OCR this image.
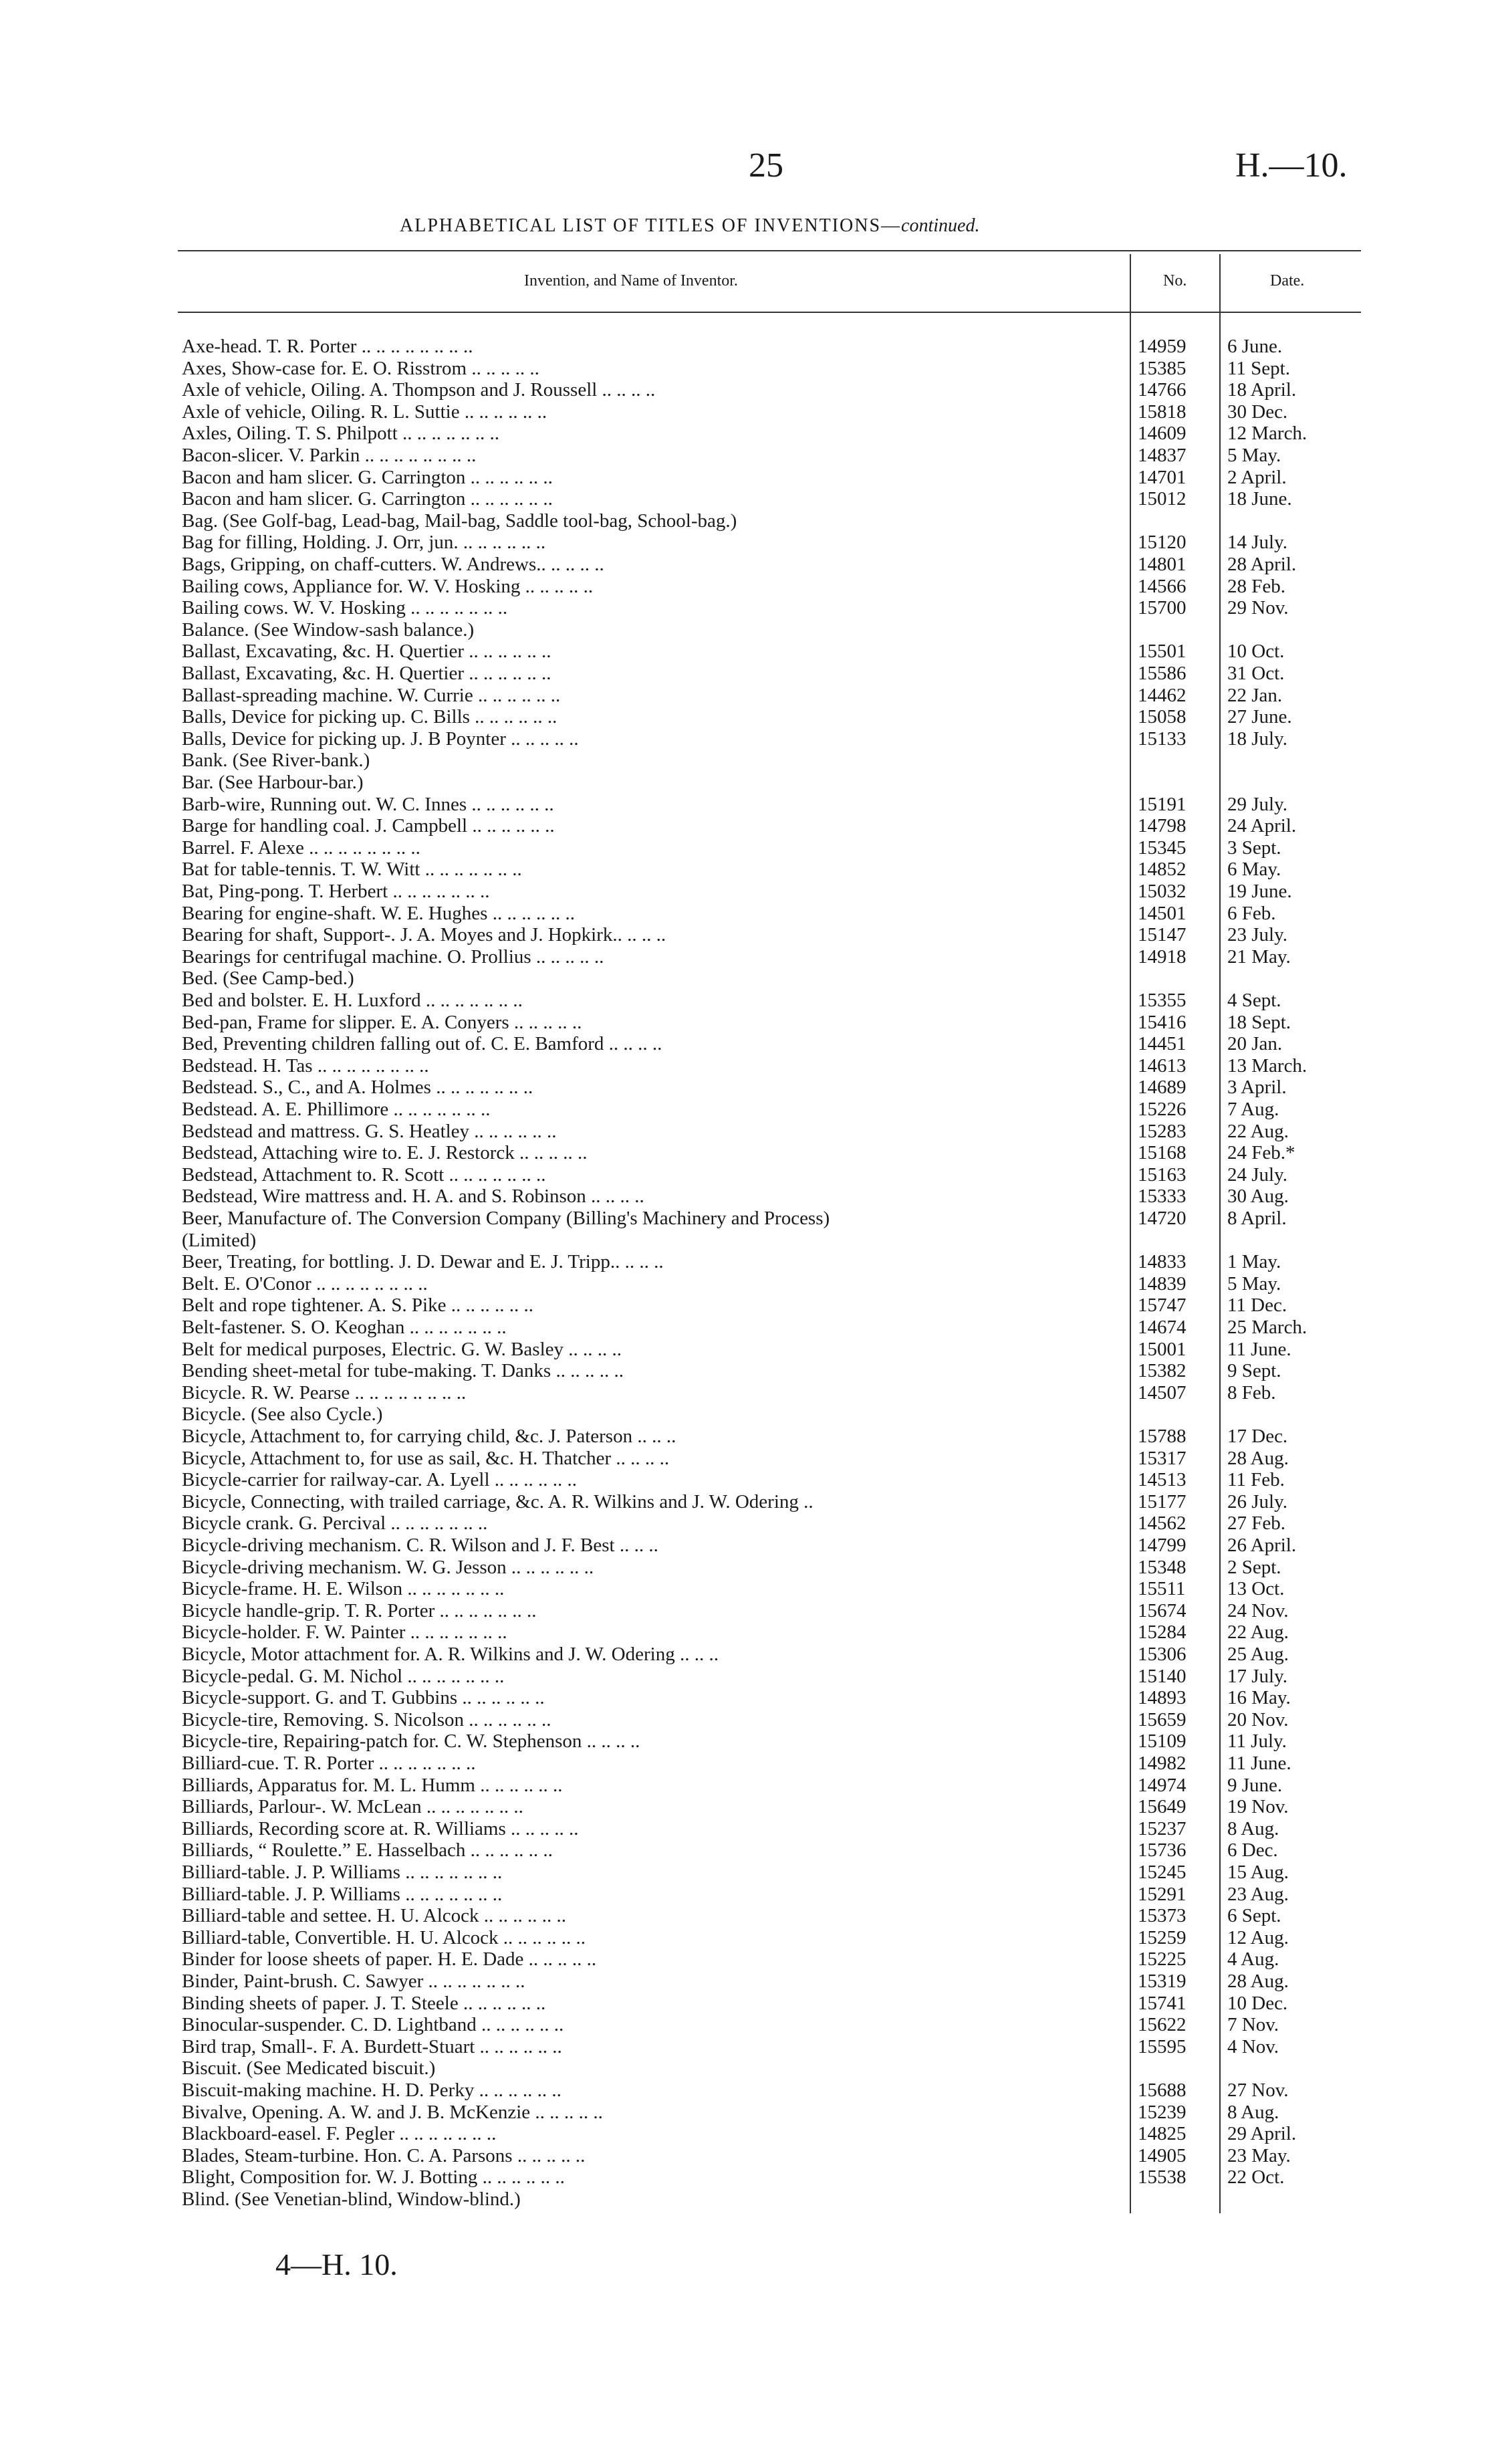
25	H.—10.
ALPHABETICAL LIST OF TITLES OF INVENTIONS—continued.
Invention, and Name of Inventor.	No.	Date.
Axe-head. T. R. Porter .. .. .. .. .. .. .. ..	14959	6 June.
Axes, Show-case for. E. O. Risstrom .. .. .. .. ..	15385	11 Sept.
Axle of vehicle, Oiling. A. Thompson and J. Roussell .. .. .. ..	14766	18 April.
Axle of vehicle, Oiling. R. L. Suttie .. .. .. .. .. ..	15818	30 Dec.
Axles, Oiling. T. S. Philpott .. .. .. .. .. .. ..	14609	12 March.
Bacon-slicer. V. Parkin .. .. .. .. .. .. .. ..	14837	5 May.
Bacon and ham slicer. G. Carrington .. .. .. .. .. ..	14701	2 April.
Bacon and ham slicer. G. Carrington .. .. .. .. .. ..	15012	18 June.
Bag. (See Golf-bag, Lead-bag, Mail-bag, Saddle tool-bag, School-bag.)
Bag for filling, Holding. J. Orr, jun. .. .. .. .. .. ..	15120	14 July.
Bags, Gripping, on chaff-cutters. W. Andrews.. .. .. .. ..	14801	28 April.
Bailing cows, Appliance for. W. V. Hosking .. .. .. .. ..	14566	28 Feb.
Bailing cows. W. V. Hosking .. .. .. .. .. .. ..	15700	29 Nov.
Balance. (See Window-sash balance.)
Ballast, Excavating, &c. H. Quertier .. .. .. .. .. ..	15501	10 Oct.
Ballast, Excavating, &c. H. Quertier .. .. .. .. .. ..	15586	31 Oct.
Ballast-spreading machine. W. Currie .. .. .. .. .. ..	14462	22 Jan.
Balls, Device for picking up. C. Bills .. .. .. .. .. ..	15058	27 June.
Balls, Device for picking up. J. B Poynter .. .. .. .. ..	15133	18 July.
Bank. (See River-bank.)
Bar. (See Harbour-bar.)
Barb-wire, Running out. W. C. Innes .. .. .. .. .. ..	15191	29 July.
Barge for handling coal. J. Campbell .. .. .. .. .. ..	14798	24 April.
Barrel. F. Alexe .. .. .. .. .. .. .. ..	15345	3 Sept.
Bat for table-tennis. T. W. Witt .. .. .. .. .. .. ..	14852	6 May.
Bat, Ping-pong. T. Herbert .. .. .. .. .. .. ..	15032	19 June.
Bearing for engine-shaft. W. E. Hughes .. .. .. .. .. ..	14501	6 Feb.
Bearing for shaft, Support-. J. A. Moyes and J. Hopkirk.. .. .. ..	15147	23 July.
Bearings for centrifugal machine. O. Prollius .. .. .. .. ..	14918	21 May.
Bed. (See Camp-bed.)
Bed and bolster. E. H. Luxford .. .. .. .. .. .. ..	15355	4 Sept.
Bed-pan, Frame for slipper. E. A. Conyers .. .. .. .. ..	15416	18 Sept.
Bed, Preventing children falling out of. C. E. Bamford .. .. .. ..	14451	20 Jan.
Bedstead. H. Tas .. .. .. .. .. .. .. ..	14613	13 March.
Bedstead. S., C., and A. Holmes .. .. .. .. .. .. ..	14689	3 April.
Bedstead. A. E. Phillimore .. .. .. .. .. .. ..	15226	7 Aug.
Bedstead and mattress. G. S. Heatley .. .. .. .. .. ..	15283	22 Aug.
Bedstead, Attaching wire to. E. J. Restorck .. .. .. .. ..	15168	24 Feb.*
Bedstead, Attachment to. R. Scott .. .. .. .. .. .. ..	15163	24 July.
Bedstead, Wire mattress and. H. A. and S. Robinson .. .. .. ..	15333	30 Aug.
Beer, Manufacture of. The Conversion Company (Billing's Machinery and Process)	14720	8 April.
(Limited)
Beer, Treating, for bottling. J. D. Dewar and E. J. Tripp.. .. .. ..	14833	1 May.
Belt. E. O'Conor .. .. .. .. .. .. .. ..	14839	5 May.
Belt and rope tightener. A. S. Pike .. .. .. .. .. ..	15747	11 Dec.
Belt-fastener. S. O. Keoghan .. .. .. .. .. .. ..	14674	25 March.
Belt for medical purposes, Electric. G. W. Basley .. .. .. ..	15001	11 June.
Bending sheet-metal for tube-making. T. Danks .. .. .. .. ..	15382	9 Sept.
Bicycle. R. W. Pearse .. .. .. .. .. .. .. ..	14507	8 Feb.
Bicycle. (See also Cycle.)
Bicycle, Attachment to, for carrying child, &c. J. Paterson .. .. ..	15788	17 Dec.
Bicycle, Attachment to, for use as sail, &c. H. Thatcher .. .. .. ..	15317	28 Aug.
Bicycle-carrier for railway-car. A. Lyell .. .. .. .. .. ..	14513	11 Feb.
Bicycle, Connecting, with trailed carriage, &c. A. R. Wilkins and J. W. Odering ..	15177	26 July.
Bicycle crank. G. Percival .. .. .. .. .. .. ..	14562	27 Feb.
Bicycle-driving mechanism. C. R. Wilson and J. F. Best .. .. ..	14799	26 April.
Bicycle-driving mechanism. W. G. Jesson .. .. .. .. .. ..	15348	2 Sept.
Bicycle-frame. H. E. Wilson .. .. .. .. .. .. ..	15511	13 Oct.
Bicycle handle-grip. T. R. Porter .. .. .. .. .. .. ..	15674	24 Nov.
Bicycle-holder. F. W. Painter .. .. .. .. .. .. ..	15284	22 Aug.
Bicycle, Motor attachment for. A. R. Wilkins and J. W. Odering .. .. ..	15306	25 Aug.
Bicycle-pedal. G. M. Nichol .. .. .. .. .. .. ..	15140	17 July.
Bicycle-support. G. and T. Gubbins .. .. .. .. .. ..	14893	16 May.
Bicycle-tire, Removing. S. Nicolson .. .. .. .. .. ..	15659	20 Nov.
Bicycle-tire, Repairing-patch for. C. W. Stephenson .. .. .. ..	15109	11 July.
Billiard-cue. T. R. Porter .. .. .. .. .. .. ..	14982	11 June.
Billiards, Apparatus for. M. L. Humm .. .. .. .. .. ..	14974	9 June.
Billiards, Parlour-. W. McLean .. .. .. .. .. .. ..	15649	19 Nov.
Billiards, Recording score at. R. Williams .. .. .. .. ..	15237	8 Aug.
Billiards, “ Roulette.” E. Hasselbach .. .. .. .. .. ..	15736	6 Dec.
Billiard-table. J. P. Williams .. .. .. .. .. .. ..	15245	15 Aug.
Billiard-table. J. P. Williams .. .. .. .. .. .. ..	15291	23 Aug.
Billiard-table and settee. H. U. Alcock .. .. .. .. .. ..	15373	6 Sept.
Billiard-table, Convertible. H. U. Alcock .. .. .. .. .. ..	15259	12 Aug.
Binder for loose sheets of paper. H. E. Dade .. .. .. .. ..	15225	4 Aug.
Binder, Paint-brush. C. Sawyer .. .. .. .. .. .. ..	15319	28 Aug.
Binding sheets of paper. J. T. Steele .. .. .. .. .. ..	15741	10 Dec.
Binocular-suspender. C. D. Lightband .. .. .. .. .. ..	15622	7 Nov.
Bird trap, Small-. F. A. Burdett-Stuart .. .. .. .. .. ..	15595	4 Nov.
Biscuit. (See Medicated biscuit.)
Biscuit-making machine. H. D. Perky .. .. .. .. .. ..	15688	27 Nov.
Bivalve, Opening. A. W. and J. B. McKenzie .. .. .. .. ..	15239	8 Aug.
Blackboard-easel. F. Pegler .. .. .. .. .. .. ..	14825	29 April.
Blades, Steam-turbine. Hon. C. A. Parsons .. .. .. .. ..	14905	23 May.
Blight, Composition for. W. J. Botting .. .. .. .. .. ..	15538	22 Oct.
Blind. (See Venetian-blind, Window-blind.)
4—H. 10.
